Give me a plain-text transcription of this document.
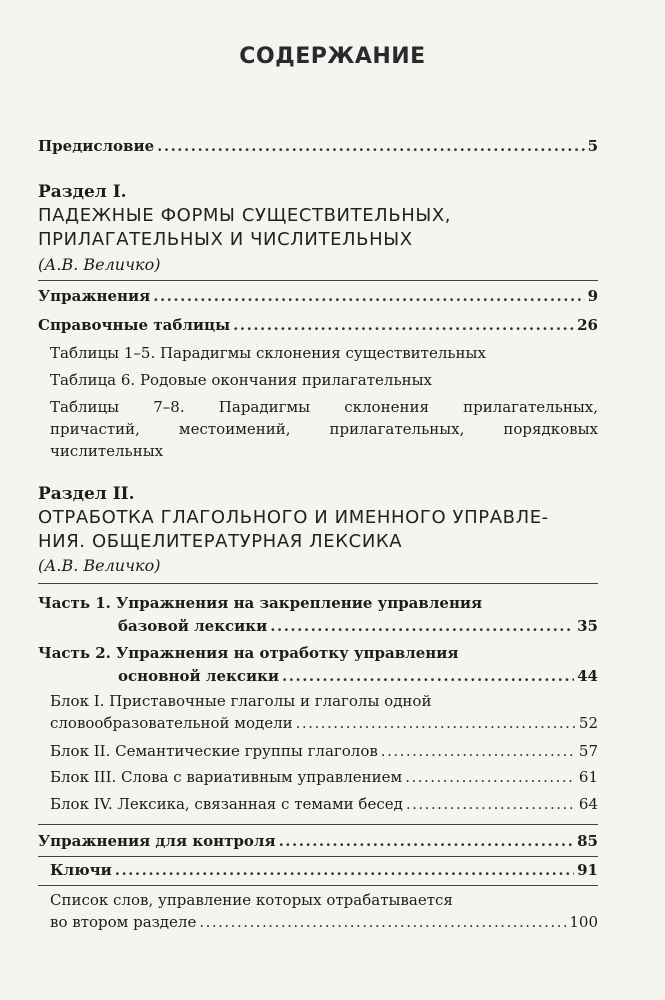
СОДЕРЖАНИЕ
Предисловие .....	5
Раздел I.
ПАДЕЖНЫЕ ФОРМЫ СУЩЕСТВИТЕЛЬНЫХ,
ПРИЛАГАТЕЛЬНЫХ И ЧИСЛИТЕЛЬНЫХ
(А.В. Величко)
Упражнения .....	9
Справочные таблицы .....	26
Таблицы 1–5. Парадигмы склонения существительных
Таблица 6. Родовые окончания прилагательных
Таблицы 7–8. Парадигмы склонения прилагательных,
причастий, местоимений, прилагательных, порядковых
числительных
Раздел II.
ОТРАБОТКА ГЛАГОЛЬНОГО И ИМЕННОГО УПРАВЛЕ-
НИЯ. ОБЩЕЛИТЕРАТУРНАЯ ЛЕКСИКА
(А.В. Величко)
Часть 1. Упражнения на закрепление управления
базовой лексики .....	35
Часть 2. Упражнения на отработку управления
основной лексики .....	44
Блок I. Приставочные глаголы и глаголы одной
словообразовательной модели .....	52
Блок II. Семантические группы глаголов .....	57
Блок III. Слова с вариативным управлением .....	61
Блок IV. Лексика, связанная с темами бесед .....	64
Упражнения для контроля .....	85
Ключи .....	91
Список слов, управление которых отрабатывается
во втором разделе .....	100
